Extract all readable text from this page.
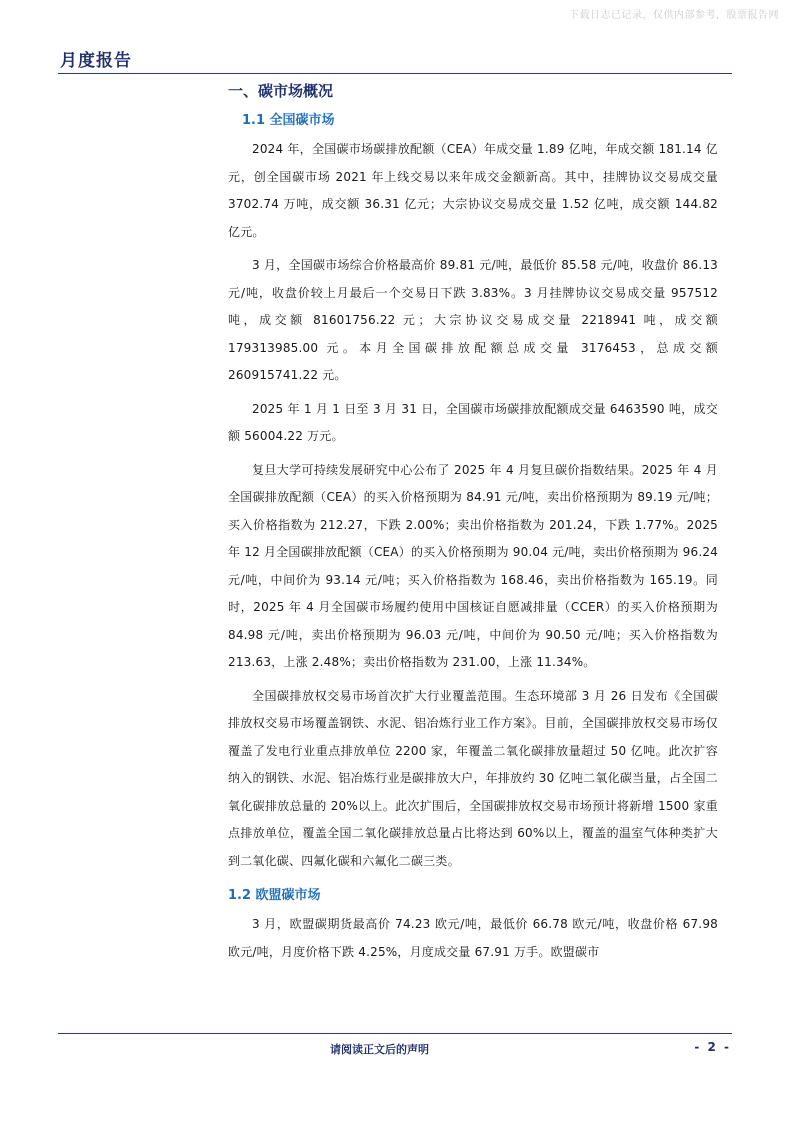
下载日志已记录，仅供内部参考，股票报告网
月度报告
一、碳市场概况
1.1 全国碳市场

2024 年，全国碳市场碳排放配额（CEA）年成交量 1.89 亿吨，年成交额 181.14 亿元，创全国碳市场 2021 年上线交易以来年成交金额新高。其中，挂牌协议交易成交量 3702.74 万吨，成交额 36.31 亿元；大宗协议交易成交量 1.52 亿吨，成交额 144.82 亿元。

3 月，全国碳市场综合价格最高价 89.81 元/吨，最低价 85.58 元/吨，收盘价 86.13 元/吨，收盘价较上月最后一个交易日下跌 3.83%。3 月挂牌协议交易成交量 957512 吨，成交额 81601756.22 元；大宗协议交易成交量 2218941 吨，成交额 179313985.00 元。本月全国碳排放配额总成交量 3176453，总成交额 260915741.22 元。

2025 年 1 月 1 日至 3 月 31 日，全国碳市场碳排放配额成交量 6463590 吨，成交额 56004.22 万元。

复旦大学可持续发展研究中心公布了 2025 年 4 月复旦碳价指数结果。2025 年 4 月全国碳排放配额（CEA）的买入价格预期为 84.91 元/吨，卖出价格预期为 89.19 元/吨；买入价格指数为 212.27，下跌 2.00%；卖出价格指数为 201.24，下跌 1.77%。2025 年 12 月全国碳排放配额（CEA）的买入价格预期为 90.04 元/吨，卖出价格预期为 96.24 元/吨，中间价为 93.14 元/吨；买入价格指数为 168.46，卖出价格指数为 165.19。同时，2025 年 4 月全国碳市场履约使用中国核证自愿减排量（CCER）的买入价格预期为 84.98 元/吨，卖出价格预期为 96.03 元/吨，中间价为 90.50 元/吨；买入价格指数为 213.63，上涨 2.48%；卖出价格指数为 231.00，上涨 11.34%。

全国碳排放权交易市场首次扩大行业覆盖范围。生态环境部 3 月 26 日发布《全国碳排放权交易市场覆盖钢铁、水泥、铝冶炼行业工作方案》。目前，全国碳排放权交易市场仅覆盖了发电行业重点排放单位 2200 家，年覆盖二氧化碳排放量超过 50 亿吨。此次扩容纳入的钢铁、水泥、铝冶炼行业是碳排放大户，年排放约 30 亿吨二氧化碳当量，占全国二氧化碳排放总量的 20%以上。此次扩围后，全国碳排放权交易市场预计将新增 1500 家重点排放单位，覆盖全国二氧化碳排放总量占比将达到 60%以上，覆盖的温室气体种类扩大到二氧化碳、四氟化碳和六氟化二碳三类。

1.2 欧盟碳市场

3 月，欧盟碳期货最高价 74.23 欧元/吨，最低价 66.78 欧元/吨，收盘价格 67.98 欧元/吨，月度价格下跌 4.25%，月度成交量 67.91 万手。欧盟碳市

请阅读正文后的声明	- 2 -
